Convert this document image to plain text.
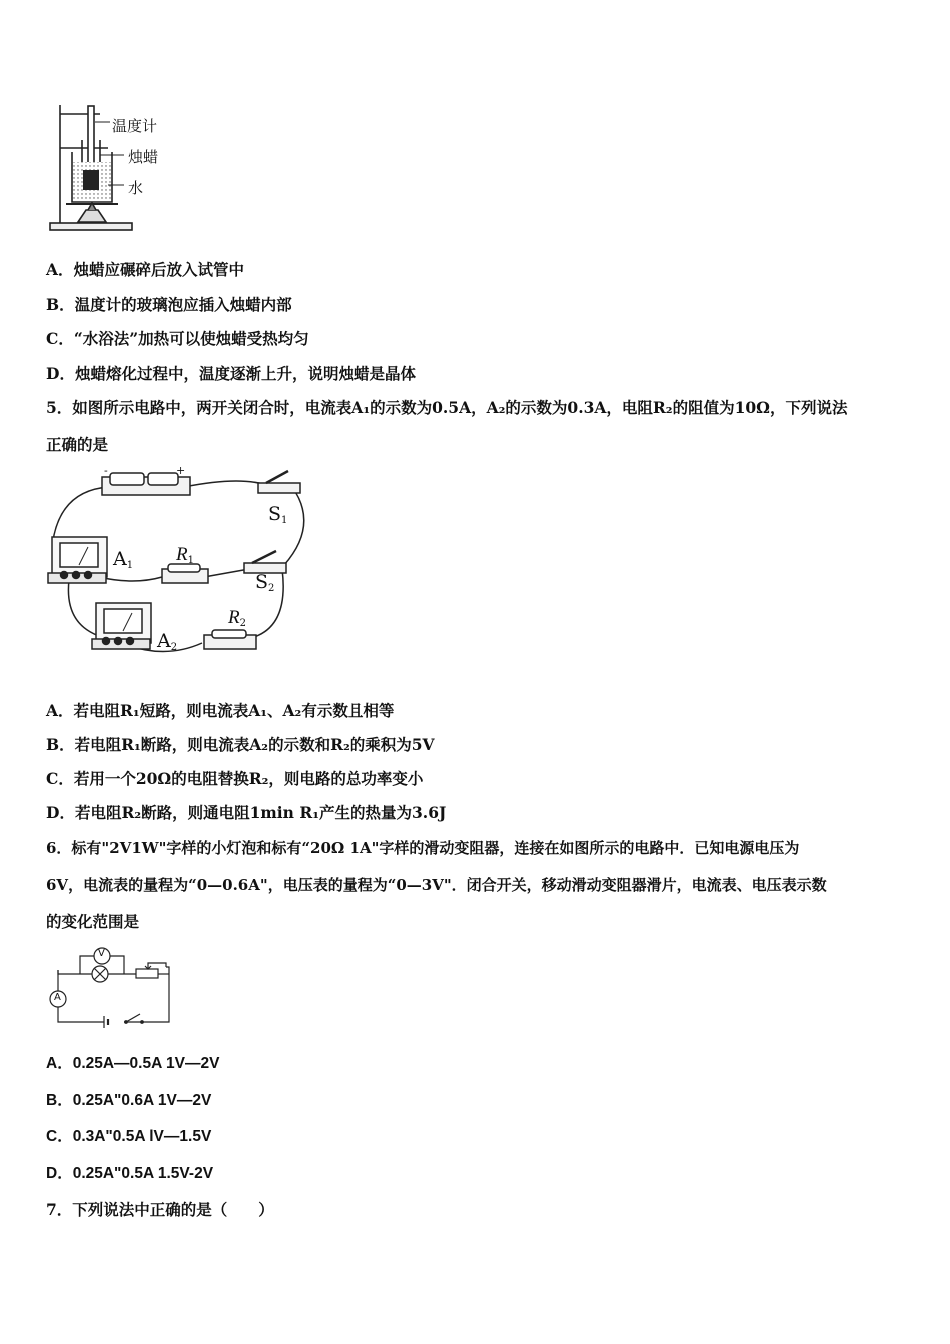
温度计
烛蜡
水
A．烛蜡应碾碎后放入试管中
B．温度计的玻璃泡应插入烛蜡内部
C．“水浴法”加热可以使烛蜡受热均匀
D．烛蜡熔化过程中，温度逐渐上升，说明烛蜡是晶体
5．如图所示电路中，两开关闭合时，电流表A₁的示数为0.5A，A₂的示数为0.3A，电阻R₂的阻值为10Ω，下列说法
正确的是
-	+
$S_1$
$S_2$
$A_1$
$A_2$
$R_1$
$R_2$
A．若电阻R₁短路，则电流表A₁、A₂有示数且相等
B．若电阻R₁断路，则电流表A₂的示数和R₂的乘积为5V
C．若用一个20Ω的电阻替换R₂，则电路的总功率变小
D．若电阻R₂断路，则通电阻1min R₁产生的热量为3.6J
6．标有"2V1W"字样的小灯泡和标有“20Ω 1A"字样的滑动变阻器，连接在如图所示的电路中．已知电源电压为
6V，电流表的量程为“0—0.6A"，电压表的量程为“0—3V"．闭合开关，移动滑动变阻器滑片，电流表、电压表示数
的变化范围是
V
A
A．0.25A—0.5A 1V—2V
B．0.25A"0.6A 1V—2V
C．0.3A"0.5A lV—1.5V
D．0.25A"0.5A 1.5V-2V
7．下列说法中正确的是（　　）
